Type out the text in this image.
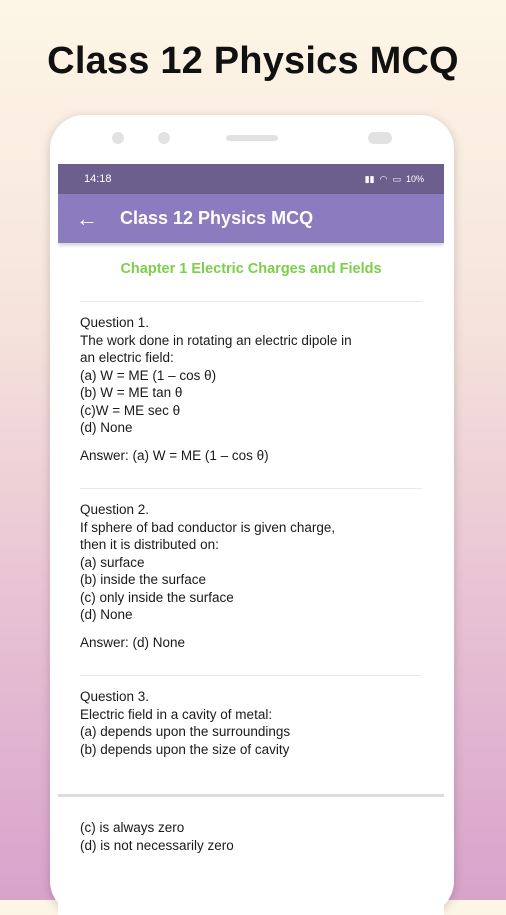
Class 12 Physics MCQ
14:18	▮▮ ◠ ▭ 10%
←	Class 12 Physics MCQ
Chapter 1 Electric Charges and Fields
Question 1.
The work done in rotating an electric dipole in
an electric field:
(a) W = ME (1 – cos θ)
(b) W = ME tan θ
(c)W = ME sec θ
(d) None
Answer: (a) W = ME (1 – cos θ)
Question 2.
If sphere of bad conductor is given charge,
then it is distributed on:
(a) surface
(b) inside the surface
(c) only inside the surface
(d) None
Answer: (d) None
Question 3.
Electric field in a cavity of metal:
(a) depends upon the surroundings
(b) depends upon the size of cavity
(c) is always zero
(d) is not necessarily zero
